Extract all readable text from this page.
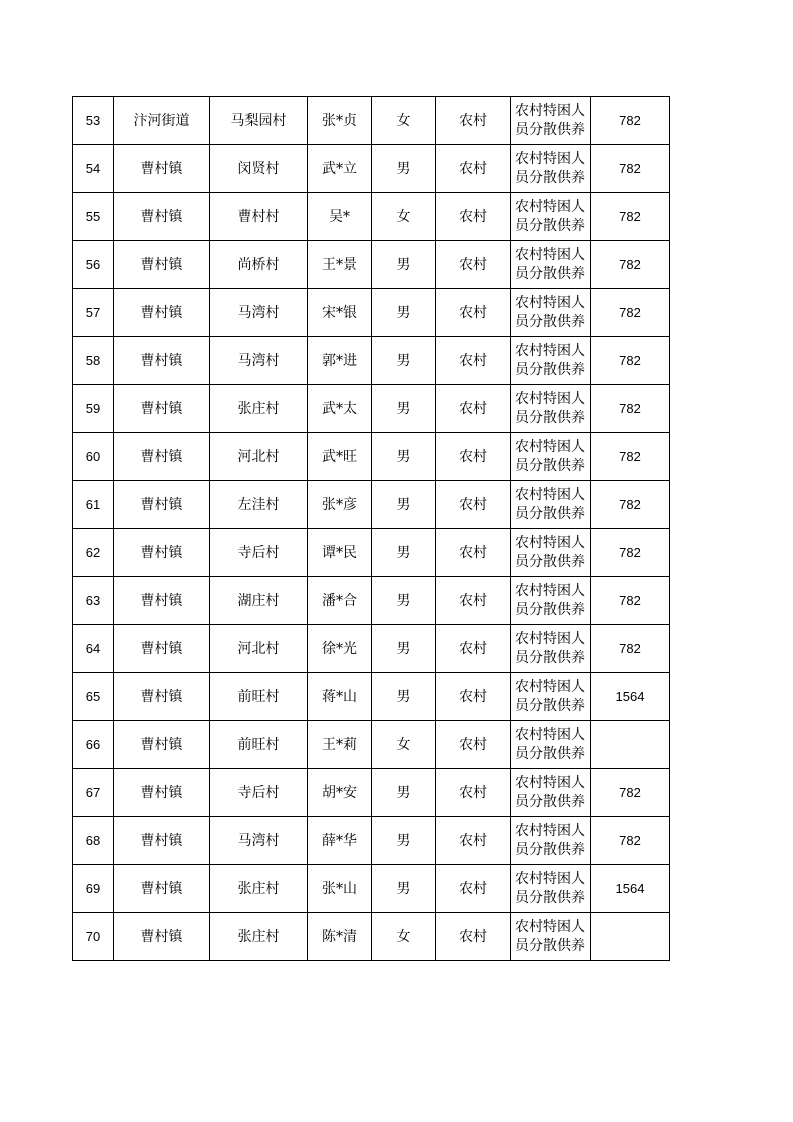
53	汴河街道	马梨园村	张*贞	女	农村	农村特困人
员分散供养	782
54	曹村镇	闵贤村	武*立	男	农村	农村特困人
员分散供养	782
55	曹村镇	曹村村	吴*	女	农村	农村特困人
员分散供养	782
56	曹村镇	尚桥村	王*景	男	农村	农村特困人
员分散供养	782
57	曹村镇	马湾村	宋*银	男	农村	农村特困人
员分散供养	782
58	曹村镇	马湾村	郭*进	男	农村	农村特困人
员分散供养	782
59	曹村镇	张庄村	武*太	男	农村	农村特困人
员分散供养	782
60	曹村镇	河北村	武*旺	男	农村	农村特困人
员分散供养	782
61	曹村镇	左洼村	张*彦	男	农村	农村特困人
员分散供养	782
62	曹村镇	寺后村	谭*民	男	农村	农村特困人
员分散供养	782
63	曹村镇	湖庄村	潘*合	男	农村	农村特困人
员分散供养	782
64	曹村镇	河北村	徐*光	男	农村	农村特困人
员分散供养	782
65	曹村镇	前旺村	蒋*山	男	农村	农村特困人
员分散供养	1564
66	曹村镇	前旺村	王*莉	女	农村	农村特困人
员分散供养	

67	曹村镇	寺后村	胡*安	男	农村	农村特困人
员分散供养	782
68	曹村镇	马湾村	薛*华	男	农村	农村特困人
员分散供养	782
69	曹村镇	张庄村	张*山	男	农村	农村特困人
员分散供养	1564
70	曹村镇	张庄村	陈*清	女	农村	农村特困人
员分散供养	
